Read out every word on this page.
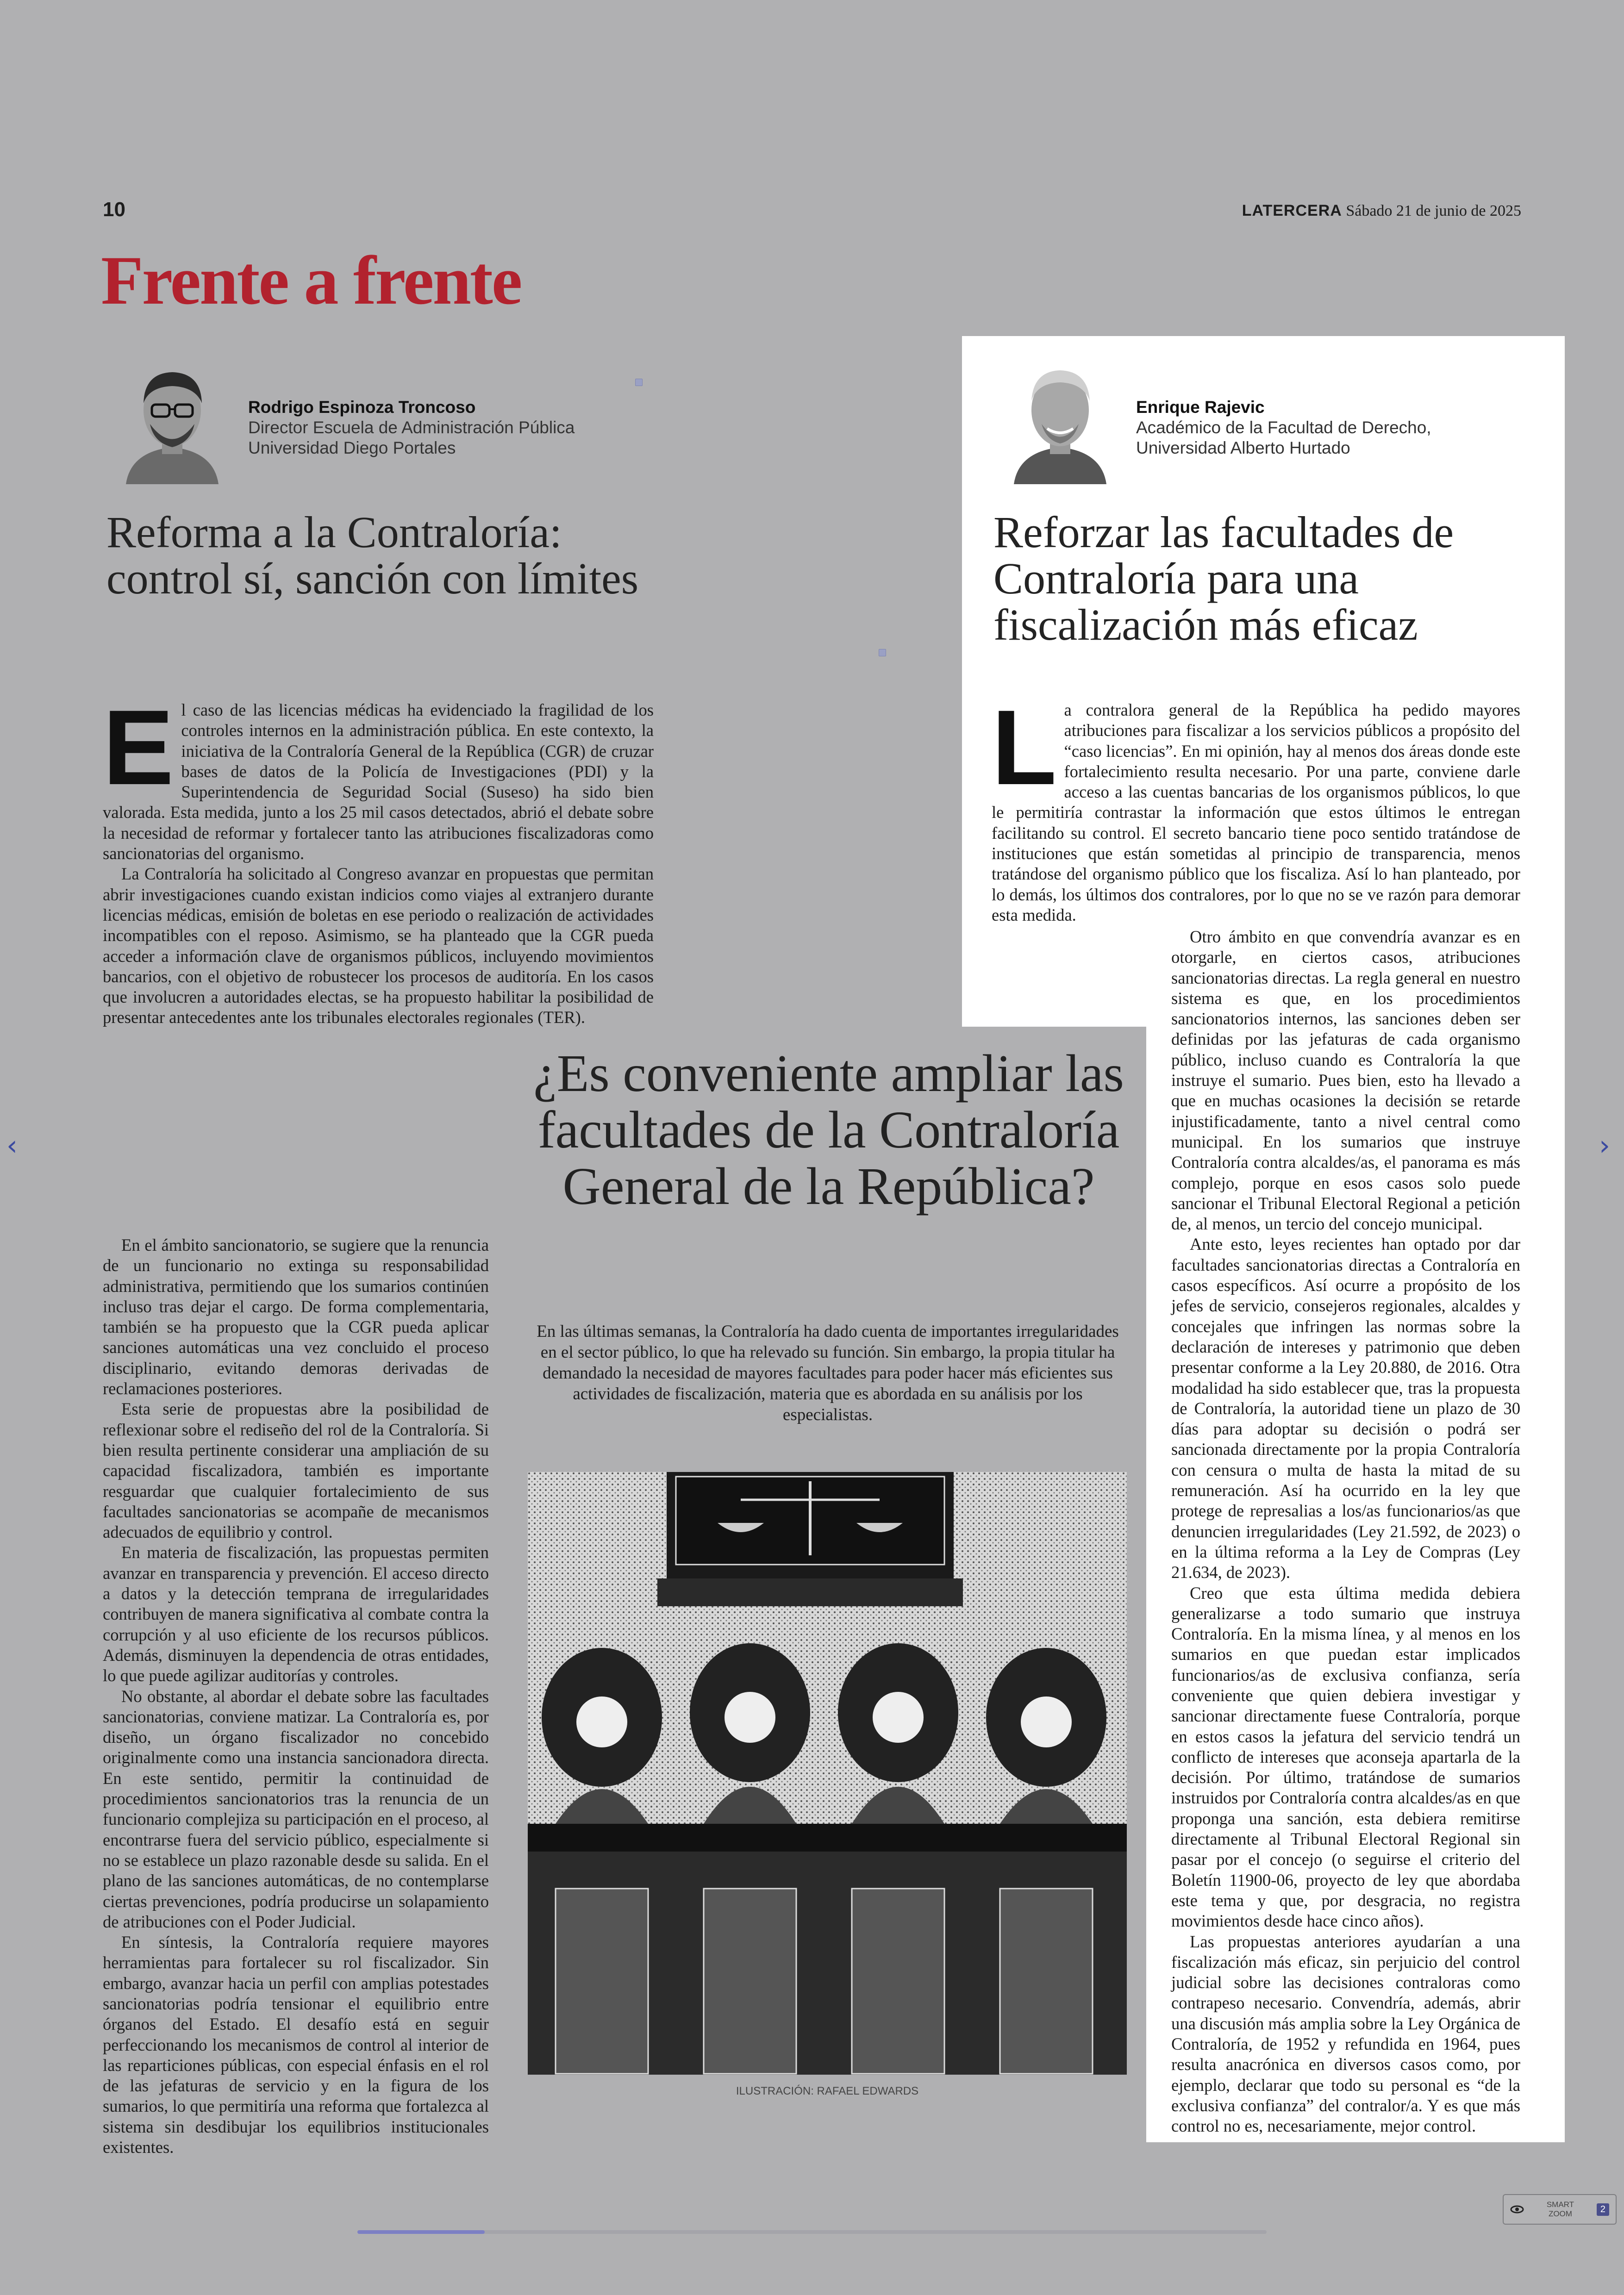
10	LATERCERA Sábado 21 de junio de 2025
Frente a frente
Rodrigo Espinoza Troncoso
Director Escuela de Administración Pública
Universidad Diego Portales
Reforma a la Contraloría: control sí, sanción con límites
E l caso de las licencias médicas ha evidenciado la fragilidad de los controles internos en la administración pública. En este contexto, la iniciativa de la Contraloría General de la República (CGR) de cruzar bases de datos de la Policía de Investigaciones (PDI) y la Superintendencia de Seguridad Social (Suseso) ha sido bien valorada. Esta medida, junto a los 25 mil casos detectados, abrió el debate sobre la necesidad de reformar y fortalecer tanto las atribuciones fiscalizadoras como sancionatorias del organismo.

La Contraloría ha solicitado al Congreso avanzar en propuestas que permitan abrir investigaciones cuando existan indicios como viajes al extranjero durante licencias médicas, emisión de boletas en ese periodo o realización de actividades incompatibles con el reposo. Asimismo, se ha planteado que la CGR pueda acceder a información clave de organismos públicos, incluyendo movimientos bancarios, con el objetivo de robustecer los procesos de auditoría. En los casos que involucren a autoridades electas, se ha propuesto habilitar la posibilidad de presentar antecedentes ante los tribunales electorales regionales (TER).

En el ámbito sancionatorio, se sugiere que la renuncia de un funcionario no extinga su responsabilidad administrativa, permitiendo que los sumarios continúen incluso tras dejar el cargo. De forma complementaria, también se ha propuesto que la CGR pueda aplicar sanciones automáticas una vez concluido el proceso disciplinario, evitando demoras derivadas de reclamaciones posteriores.

Esta serie de propuestas abre la posibilidad de reflexionar sobre el rediseño del rol de la Contraloría. Si bien resulta pertinente considerar una ampliación de su capacidad fiscalizadora, también es importante resguardar que cualquier fortalecimiento de sus facultades sancionatorias se acompañe de mecanismos adecuados de equilibrio y control.

En materia de fiscalización, las propuestas permiten avanzar en transparencia y prevención. El acceso directo a datos y la detección temprana de irregularidades contribuyen de manera significativa al combate contra la corrupción y al uso eficiente de los recursos públicos. Además, disminuyen la dependencia de otras entidades, lo que puede agilizar auditorías y controles.

No obstante, al abordar el debate sobre las facultades sancionatorias, conviene matizar. La Contraloría es, por diseño, un órgano fiscalizador no concebido originalmente como una instancia sancionadora directa. En este sentido, permitir la continuidad de procedimientos sancionatorios tras la renuncia de un funcionario complejiza su participación en el proceso, al encontrarse fuera del servicio público, especialmente si no se establece un plazo razonable desde su salida. En el plano de las sanciones automáticas, de no contemplarse ciertas prevenciones, podría producirse un solapamiento de atribuciones con el Poder Judicial.

En síntesis, la Contraloría requiere mayores herramientas para fortalecer su rol fiscalizador. Sin embargo, avanzar hacia un perfil con amplias potestades sancionatorias podría tensionar el equilibrio entre órganos del Estado. El desafío está en seguir perfeccionando los mecanismos de control al interior de las reparticiones públicas, con especial énfasis en el rol de las jefaturas de servicio y en la figura de los sumarios, lo que permitiría una reforma que fortalezca al sistema sin desdibujar los equilibrios institucionales existentes.

¿Es conveniente ampliar las facultades de la Contraloría General de la República?
En las últimas semanas, la Contraloría ha dado cuenta de importantes irregularidades en el sector público, lo que ha relevado su función. Sin embargo, la propia titular ha demandado la necesidad de mayores facultades para poder hacer más eficientes sus actividades de fiscalización, materia que es abordada en su análisis por los especialistas.
ILUSTRACIÓN: RAFAEL EDWARDS
Enrique Rajevic
Académico de la Facultad de Derecho,
Universidad Alberto Hurtado
Reforzar las facultades de Contraloría para una fiscalización más eficaz
L a contralora general de la República ha pedido mayores atribuciones para fiscalizar a los servicios públicos a propósito del “caso licencias”. En mi opinión, hay al menos dos áreas donde este fortalecimiento resulta necesario. Por una parte, conviene darle acceso a las cuentas bancarias de los organismos públicos, lo que le permitiría contrastar la información que estos últimos le entregan facilitando su control. El secreto bancario tiene poco sentido tratándose de instituciones que están sometidas al principio de transparencia, menos tratándose del organismo público que los fiscaliza. Así lo han planteado, por lo demás, los últimos dos contralores, por lo que no se ve razón para demorar esta medida.

Otro ámbito en que convendría avanzar es en otorgarle, en ciertos casos, atribuciones sancionatorias directas. La regla general en nuestro sistema es que, en los procedimientos sancionatorios internos, las sanciones deben ser definidas por las jefaturas de cada organismo público, incluso cuando es Contraloría la que instruye el sumario. Pues bien, esto ha llevado a que en muchas ocasiones la decisión se retarde injustificadamente, tanto a nivel central como municipal. En los sumarios que instruye Contraloría contra alcaldes/as, el panorama es más complejo, porque en esos casos solo puede sancionar el Tribunal Electoral Regional a petición de, al menos, un tercio del concejo municipal.

Ante esto, leyes recientes han optado por dar facultades sancionatorias directas a Contraloría en casos específicos. Así ocurre a propósito de los jefes de servicio, consejeros regionales, alcaldes y concejales que infringen las normas sobre la declaración de intereses y patrimonio que deben presentar conforme a la Ley 20.880, de 2016. Otra modalidad ha sido establecer que, tras la propuesta de Contraloría, la autoridad tiene un plazo de 30 días para adoptar su decisión o podrá ser sancionada directamente por la propia Contraloría con censura o multa de hasta la mitad de su remuneración. Así ha ocurrido en la ley que protege de represalias a los/as funcionarios/as que denuncien irregularidades (Ley 21.592, de 2023) o en la última reforma a la Ley de Compras (Ley 21.634, de 2023).

Creo que esta última medida debiera generalizarse a todo sumario que instruya Contraloría. En la misma línea, y al menos en los sumarios en que puedan estar implicados funcionarios/as de exclusiva confianza, sería conveniente que quien debiera investigar y sancionar directamente fuese Contraloría, porque en estos casos la jefatura del servicio tendrá un conflicto de intereses que aconseja apartarla de la decisión. Por último, tratándose de sumarios instruidos por Contraloría contra alcaldes/as en que proponga una sanción, esta debiera remitirse directamente al Tribunal Electoral Regional sin pasar por el concejo (o seguirse el criterio del Boletín 11900-06, proyecto de ley que abordaba este tema y que, por desgracia, no registra movimientos desde hace cinco años).

Las propuestas anteriores ayudarían a una fiscalización más eficaz, sin perjuicio del control judicial sobre las decisiones contraloras como contrapeso necesario. Convendría, además, abrir una discusión más amplia sobre la Ley Orgánica de Contraloría, de 1952 y refundida en 1964, pues resulta anacrónica en diversos casos como, por ejemplo, declarar que todo su personal es “de la exclusiva confianza” del contralor/a. Y es que más control no es, necesariamente, mejor control.

‹	›
SMART ZOOM	2
